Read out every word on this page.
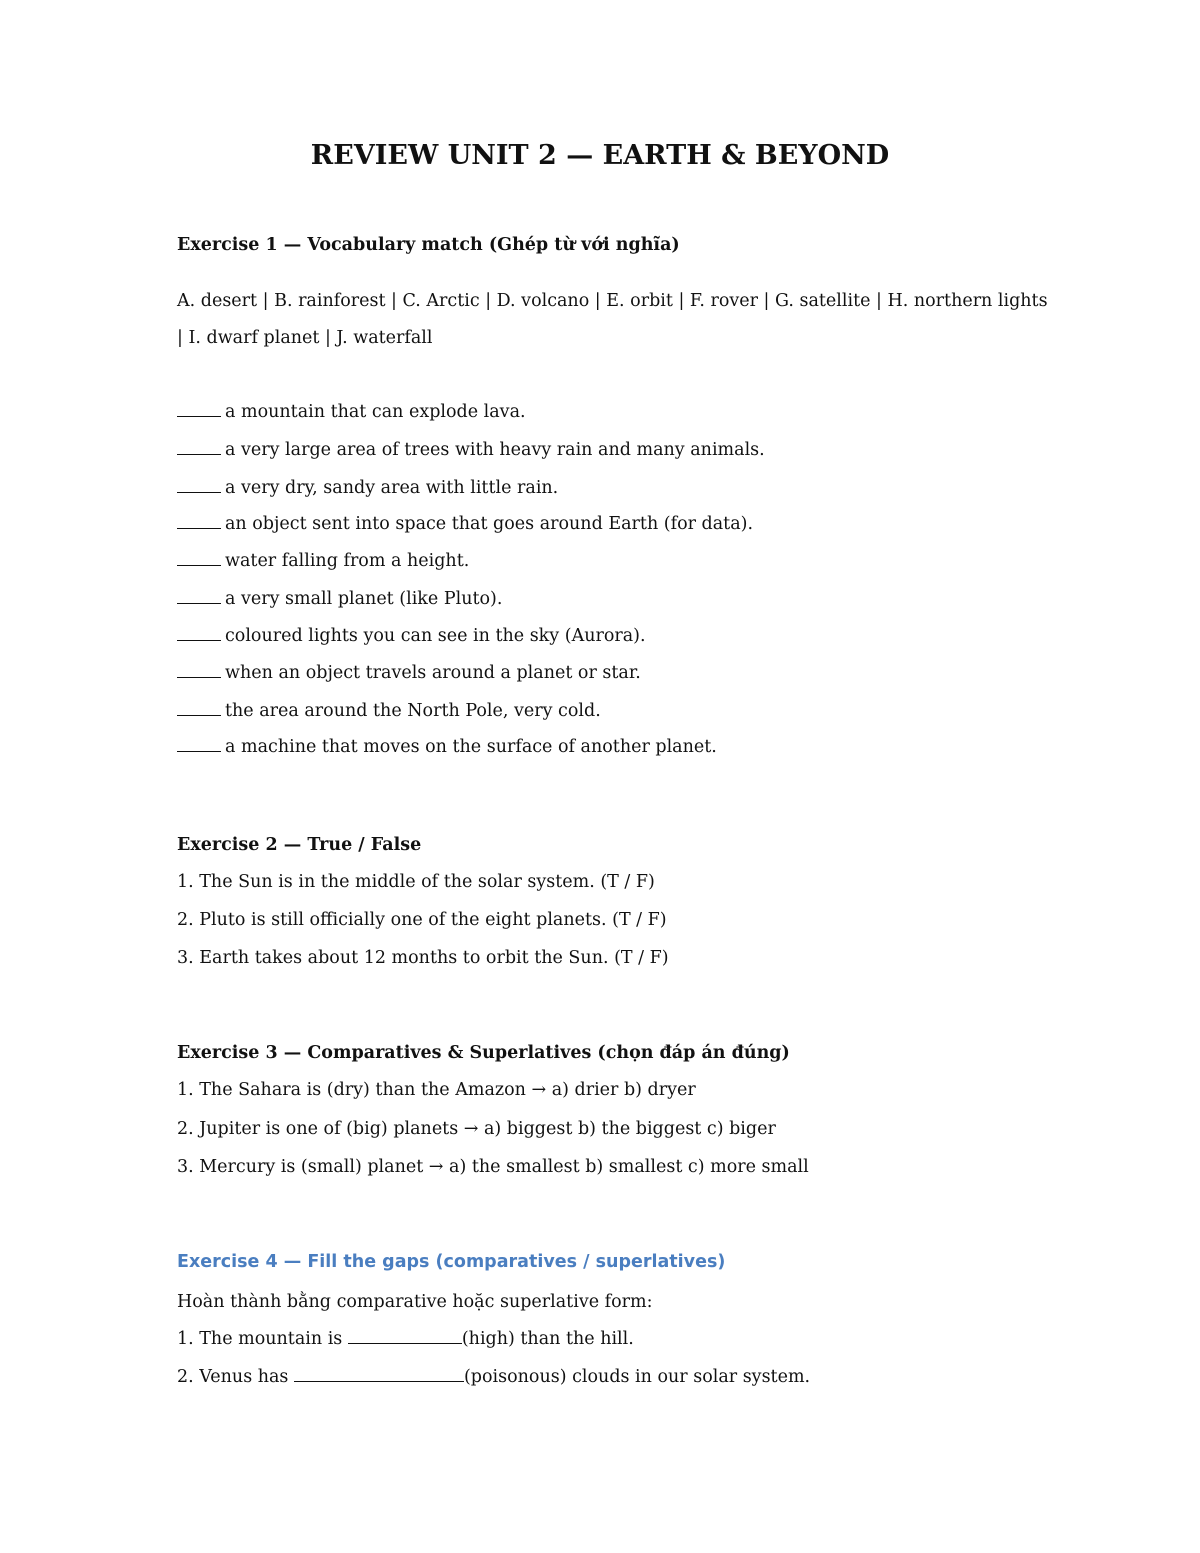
REVIEW UNIT 2 — EARTH & BEYOND

Exercise 1 — Vocabulary match (Ghép từ với nghĩa)

A. desert | B. rainforest | C. Arctic | D. volcano | E. orbit | F. rover | G. satellite | H. northern lights

| I. dwarf planet | J. waterfall

a mountain that can explode lava.

a very large area of trees with heavy rain and many animals.

a very dry, sandy area with little rain.

an object sent into space that goes around Earth (for data).

water falling from a height.

a very small planet (like Pluto).

coloured lights you can see in the sky (Aurora).

when an object travels around a planet or star.

the area around the North Pole, very cold.

a machine that moves on the surface of another planet.

Exercise 2 — True / False

1. The Sun is in the middle of the solar system. (T / F)

2. Pluto is still officially one of the eight planets. (T / F)

3. Earth takes about 12 months to orbit the Sun. (T / F)

Exercise 3 — Comparatives & Superlatives (chọn đáp án đúng)

1. The Sahara is (dry) than the Amazon → a) drier b) dryer

2. Jupiter is one of (big) planets → a) biggest b) the biggest c) biger

3. Mercury is (small) planet → a) the smallest b) smallest c) more small

Exercise 4 — Fill the gaps (comparatives / superlatives)

Hoàn thành bằng comparative hoặc superlative form:

1. The mountain is	(high) than the hill.

2. Venus has	(poisonous) clouds in our solar system.
